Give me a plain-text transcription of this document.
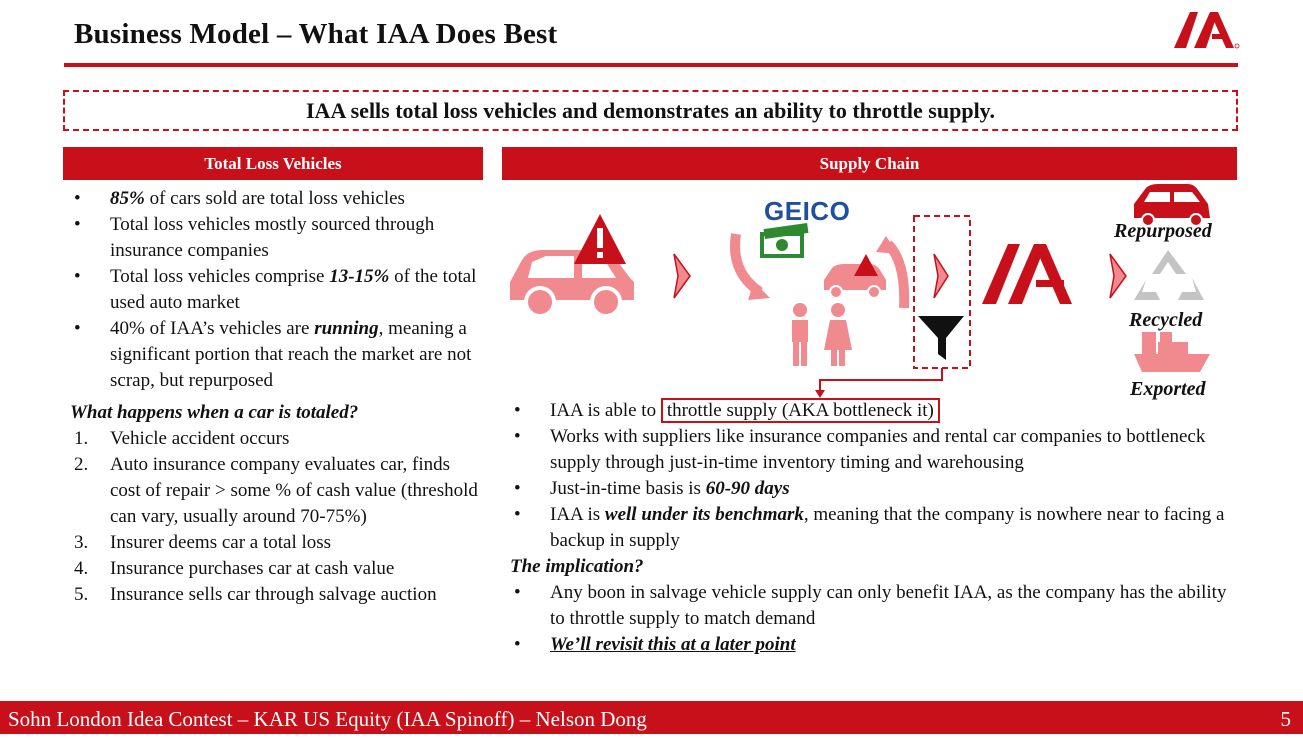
Business Model – What IAA Does Best
IAA sells total loss vehicles and demonstrates an ability to throttle supply.
Total Loss Vehicles	Supply Chain
• 85% of cars sold are total loss vehicles
• Total loss vehicles mostly sourced through insurance companies
• Total loss vehicles comprise 13-15% of the total used auto market
• 40% of IAA’s vehicles are running, meaning a significant portion that reach the market are not scrap, but repurposed
What happens when a car is totaled?
1. Vehicle accident occurs
2. Auto insurance company evaluates car, finds cost of repair > some % of cash value (threshold can vary, usually around 70-75%)
3. Insurer deems car a total loss
4. Insurance purchases car at cash value
5. Insurance sells car through salvage auction
GEICO
Repurposed
Recycled
Exported
• IAA is able to throttle supply (AKA bottleneck it)
• Works with suppliers like insurance companies and rental car companies to bottleneck supply through just-in-time inventory timing and warehousing
• Just-in-time basis is 60-90 days
• IAA is well under its benchmark, meaning that the company is nowhere near to facing a backup in supply
The implication?
• Any boon in salvage vehicle supply can only benefit IAA, as the company has the ability to throttle supply to match demand
• We’ll revisit this at a later point
Sohn London Idea Contest – KAR US Equity (IAA Spinoff) – Nelson Dong	5
